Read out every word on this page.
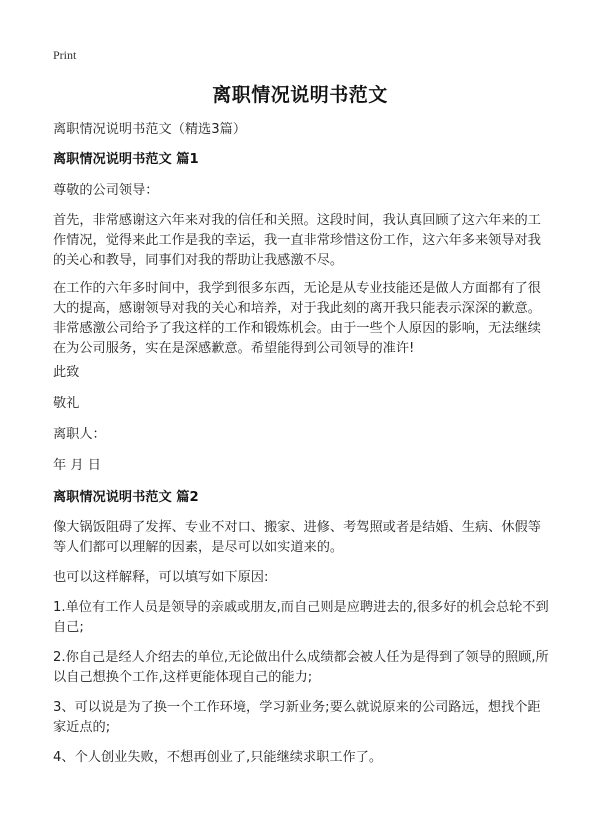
Print
离职情况说明书范文
离职情况说明书范文（精选3篇）
离职情况说明书范文 篇1
尊敬的公司领导：
首先，非常感谢这六年来对我的信任和关照。这段时间，我认真回顾了这六年来的工作情况，觉得来此工作是我的幸运，我一直非常珍惜这份工作，这六年多来领导对我的关心和教导，同事们对我的帮助让我感激不尽。
在工作的六年多时间中，我学到很多东西，无论是从专业技能还是做人方面都有了很大的提高，感谢领导对我的关心和培养，对于我此刻的离开我只能表示深深的歉意。非常感激公司给予了我这样的工作和锻炼机会。由于一些个人原因的影响，无法继续在为公司服务，实在是深感歉意。希望能得到公司领导的准许!
此致
敬礼
离职人：
年 月 日
离职情况说明书范文 篇2
像大锅饭阻碍了发挥、专业不对口、搬家、进修、考驾照或者是结婚、生病、休假等等人们都可以理解的因素，是尽可以如实道来的。
也可以这样解释，可以填写如下原因:
1.单位有工作人员是领导的亲戚或朋友,而自己则是应聘进去的,很多好的机会总轮不到自己;
2.你自己是经人介绍去的单位,无论做出什么成绩都会被人任为是得到了领导的照顾,所以自己想换个工作,这样更能体现自己的能力;
3、可以说是为了换一个工作环境，学习新业务;要么就说原来的公司路远，想找个距家近点的;
4、个人创业失败，不想再创业了,只能继续求职工作了。
